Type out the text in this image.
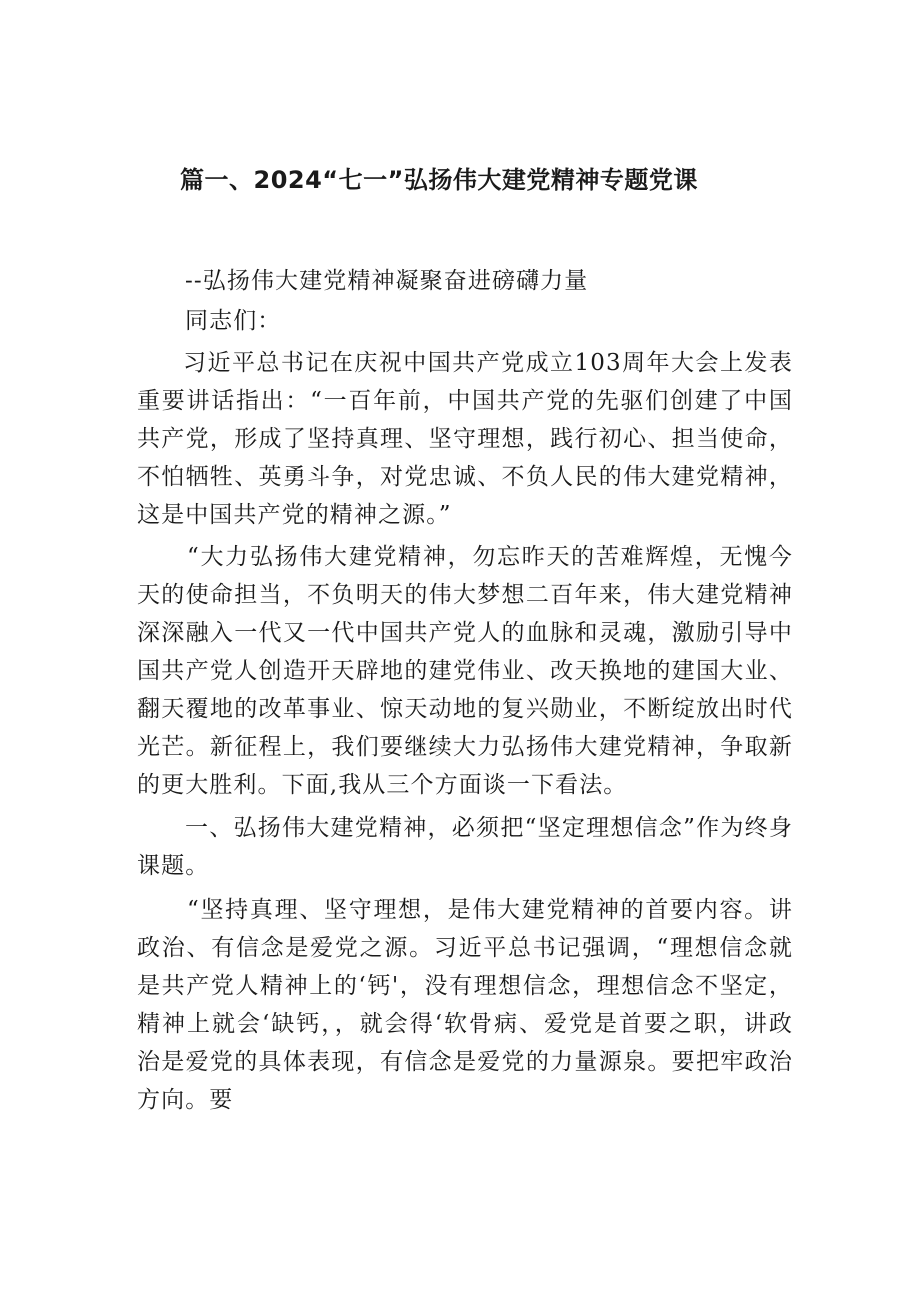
篇一、2024“七一”弘扬伟大建党精神专题党课

--弘扬伟大建党精神凝聚奋进磅礴力量

同志们：

习近平总书记在庆祝中国共产党成立103周年大会上发表重要讲话指出：“一百年前，中国共产党的先驱们创建了中国共产党，形成了坚持真理、坚守理想，践行初心、担当使命，不怕牺牲、英勇斗争，对党忠诚、不负人民的伟大建党精神，这是中国共产党的精神之源。”

“大力弘扬伟大建党精神，勿忘昨天的苦难辉煌，无愧今天的使命担当，不负明天的伟大梦想二百年来，伟大建党精神深深融入一代又一代中国共产党人的血脉和灵魂，激励引导中国共产党人创造开天辟地的建党伟业、改天换地的建国大业、翻天覆地的改革事业、惊天动地的复兴勋业，不断绽放出时代光芒。新征程上，我们要继续大力弘扬伟大建党精神，争取新的更大胜利。下面,我从三个方面谈一下看法。

一、弘扬伟大建党精神，必须把“坚定理想信念”作为终身课题。

“坚持真理、坚守理想，是伟大建党精神的首要内容。讲政治、有信念是爱党之源。习近平总书记强调，“理想信念就是共产党人精神上的‘钙'，没有理想信念，理想信念不坚定，精神上就会‘缺钙，，就会得‘软骨病、爱党是首要之职，讲政治是爱党的具体表现，有信念是爱党的力量源泉。要把牢政治方向。要
